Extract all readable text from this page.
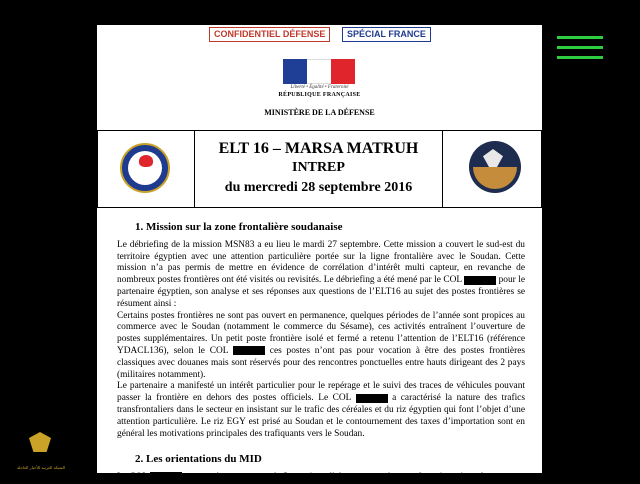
CONFIDENTIEL DÉFENSE	SPÉCIAL FRANCE
Liberté • Égalité • Fraternité
RÉPUBLIQUE FRANÇAISE
MINISTÈRE DE LA DÉFENSE
DRM
ELT 16 – MARSA MATRUH
INTREP
du mercredi 28 septembre 2016
1. Mission sur la zone frontalière soudanaise

Le débriefing de la mission MSN83 a eu lieu le mardi 27 septembre. Cette mission a couvert le sud-est du territoire égyptien avec une attention particulière portée sur la ligne frontalière avec le Soudan. Cette mission n’a pas permis de mettre en évidence de corrélation d’intérêt multi capteur, en revanche de nombreux postes frontières ont été visités ou revisités. Le débriefing a été mené par le COL	pour le partenaire égyptien, son analyse et ses réponses aux questions de l’ELT16 au sujet des postes frontières se résument ainsi :

Certains postes frontières ne sont pas ouvert en permanence, quelques périodes de l’année sont propices au commerce avec le Soudan (notamment le commerce du Sésame), ces activités entraînent l’ouverture de postes supplémentaires. Un petit poste frontière isolé et fermé a retenu l’attention de l’ELT16 (référence YDACL136), selon le COL	ces postes n’ont pas pour vocation à être des postes frontières classiques avec douanes mais sont réservés pour des rencontres ponctuelles entre hauts dirigeant des 2 pays (militaires notamment).

Le partenaire a manifesté un intérêt particulier pour le repérage et le suivi des traces de véhicules pouvant passer la frontière en dehors des postes officiels. Le COL	a caractérisé la nature des trafics transfrontaliers dans le secteur en insistant sur le trafic des céréales et du riz égyptien qui font l’objet d’une attention particulière. Le riz EGY est prisé au Soudan et le contournement des taxes d’importation sont en général les motivations principales des trafiquants vers le Soudan.

2. Les orientations du MID

Le COL	a marqué son retour après 3 semaines d’absence en présentant les orientations du

الشبكة العربية للأخبار العاجلة
